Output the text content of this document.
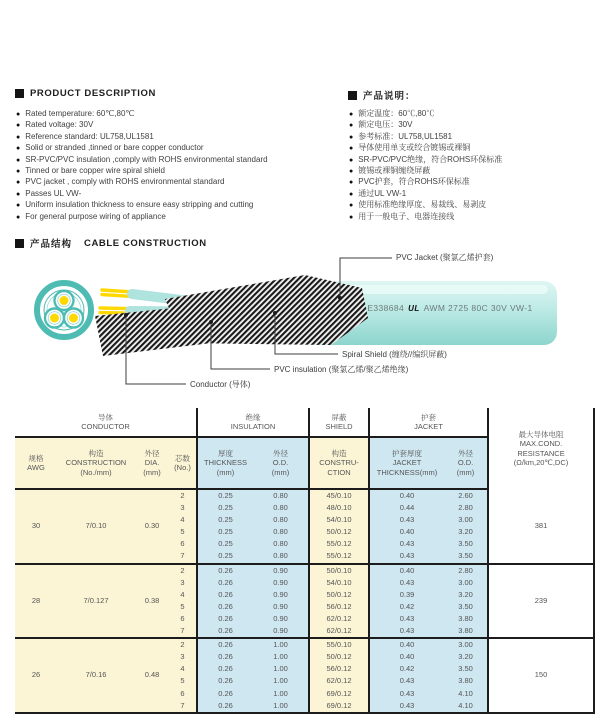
PRODUCT DESCRIPTION
● Rated temperature: 60℃,80℃
● Rated voltage: 30V
● Reference standard: UL758,UL1581
● Solid or stranded ,tinned or bare copper conductor
● SR-PVC/PVC insulation ,comply with ROHS environmental standard
● Tinned or bare copper wire spiral shield
● PVC jacket , comply with ROHS environmental standard
● Passes UL VW-
● Uniform insulation thickness to ensure easy stripping and cutting
● For general purpose wiring of appliance
产品说明：
● 额定温度：60℃,80℃
● 额定电压：30V
● 参考标准：UL758,UL1581
● 导体使用单支或绞合镀锡或裸铜
● SR-PVC/PVC绝缘，符合ROHS环保标准
● 镀锡或裸铜缠绕屏蔽
● PVC护套，符合ROHS环保标准
● 通过UL VW-1
● 使用标准绝缘厚度、易裁线、易剥皮
● 用于一般电子、电器连接线
产品结构 CABLE CONSTRUCTION
E338684 UL AWM 2725 80C 30V VW-1
PVC Jacket (聚氯乙烯护套)
Spiral Shield (缠绕//编织屏蔽)
PVC insulation (聚氯乙烯/聚乙烯绝缘)
Conductor (导体)
导体
CONDUCTOR

绝缘
INSULATION

屏蔽
SHIELD

护套
JACKET

最大导体电阻
MAX.COND.
RESISTANCE
(Ω/km,20℃,DC)

规格
AWG

构造
CONSTRUCTION
(No./mm)

外径
DIA.
(mm)

芯数
(No.)

厚度
THICKNESS
(mm)

外径
O.D.
(mm)

构造
CONSTRU-
CTION

护套厚度
JACKET
THICKNESS(mm)

外径
O.D.
(mm)

30	7/0.10	0.30	2	0.25	0.80	45/0.10	0.40	2.60	381
			3	0.25	0.80	48/0.10	0.44	2.80	
			4	0.25	0.80	54/0.10	0.43	3.00	
			5	0.25	0.80	50/0.12	0.40	3.20	
			6	0.25	0.80	55/0.12	0.43	3.50	
			7	0.25	0.80	55/0.12	0.43	3.50	
28	7/0.127	0.38	2	0.26	0.90	50/0.10	0.40	2.80	239
			3	0.26	0.90	54/0.10	0.43	3.00	
			4	0.26	0.90	50/0.12	0.39	3.20	
			5	0.26	0.90	56/0.12	0.42	3.50	
			6	0.26	0.90	62/0.12	0.43	3.80	
			7	0.26	0.90	62/0.12	0.43	3.80	
26	7/0.16	0.48	2	0.26	1.00	55/0.10	0.40	3.00	150
			3	0.26	1.00	50/0.12	0.40	3.20	
			4	0.26	1.00	56/0.12	0.42	3.50	
			5	0.26	1.00	62/0.12	0.43	3.80	
			6	0.26	1.00	69/0.12	0.43	4.10	
			7	0.26	1.00	69/0.12	0.43	4.10	
